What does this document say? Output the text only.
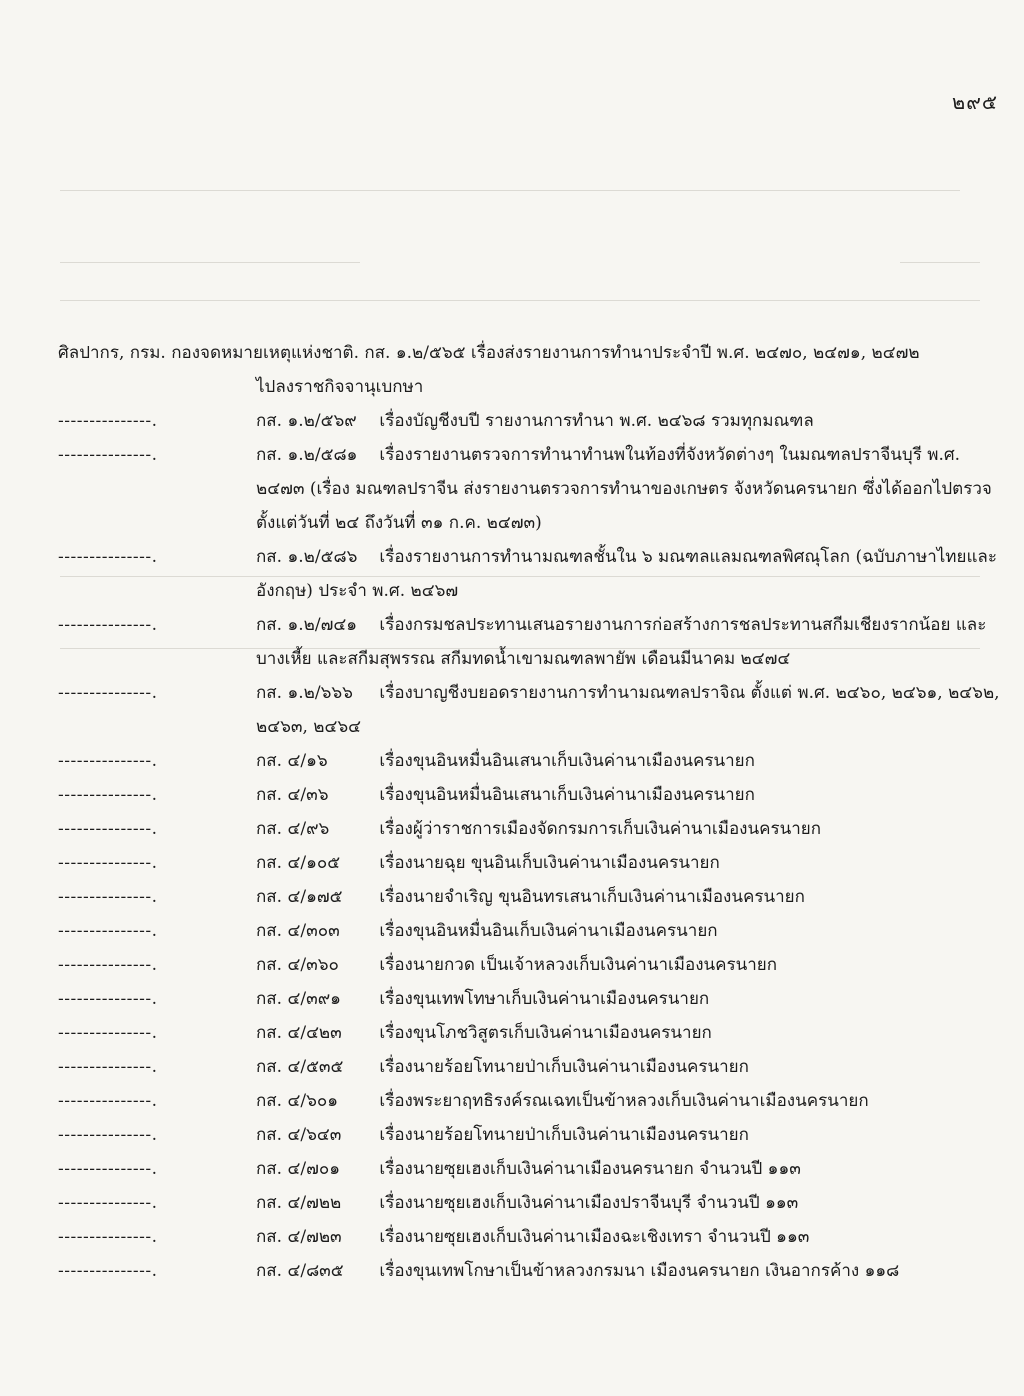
๒๙๕
ศิลปากร, กรม. กองจดหมายเหตุแห่งชาติ. กส. ๑.๒/๕๖๕ เรื่องส่งรายงานการทำนาประจำปี พ.ศ. ๒๔๗๐, ๒๔๗๑, ๒๔๗๒
ไปลงราชกิจจานุเบกษา
---------------.	กส. ๑.๒/๕๖๙ เรื่องบัญชีงบปี รายงานการทำนา พ.ศ. ๒๔๖๘ รวมทุกมณฑล
---------------.	กส. ๑.๒/๕๘๑ เรื่องรายงานตรวจการทำนาทำนพในท้องที่จังหวัดต่างๆ ในมณฑลปราจีนบุรี พ.ศ. ๒๔๗๓ (เรื่อง มณฑลปราจีน ส่งรายงานตรวจการทำนาของเกษตร จังหวัดนครนายก ซึ่งได้ออกไปตรวจ ตั้งแต่วันที่ ๒๔ ถึงวันที่ ๓๑ ก.ค. ๒๔๗๓)
---------------.	กส. ๑.๒/๕๘๖ เรื่องรายงานการทำนามณฑลชั้นใน ๖ มณฑลแลมณฑลพิศณุโลก (ฉบับภาษาไทยและอังกฤษ) ประจำ พ.ศ. ๒๔๖๗
---------------.	กส. ๑.๒/๗๔๑ เรื่องกรมชลประทานเสนอรายงานการก่อสร้างการชลประทานสกีมเชียงรากน้อย และบางเหี้ย และสกีมสุพรรณ สกีมทดน้ำเขามณฑลพายัพ เดือนมีนาคม ๒๔๗๔
---------------.	กส. ๑.๒/๖๖๖ เรื่องบาญชีงบยอดรายงานการทำนามณฑลปราจิณ ตั้งแต่ พ.ศ. ๒๔๖๐, ๒๔๖๑, ๒๔๖๒, ๒๔๖๓, ๒๔๖๔
---------------.	กส. ๔/๑๖	เรื่องขุนอินหมื่นอินเสนาเก็บเงินค่านาเมืองนครนายก
---------------.	กส. ๔/๓๖	เรื่องขุนอินหมื่นอินเสนาเก็บเงินค่านาเมืองนครนายก
---------------.	กส. ๔/๙๖	เรื่องผู้ว่าราชการเมืองจัดกรมการเก็บเงินค่านาเมืองนครนายก
---------------.	กส. ๔/๑๐๕ เรื่องนายฉุย ขุนอินเก็บเงินค่านาเมืองนครนายก
---------------.	กส. ๔/๑๗๕ เรื่องนายจำเริญ ขุนอินทรเสนาเก็บเงินค่านาเมืองนครนายก
---------------.	กส. ๔/๓๐๓ เรื่องขุนอินหมื่นอินเก็บเงินค่านาเมืองนครนายก
---------------.	กส. ๔/๓๖๐ เรื่องนายกวด เป็นเจ้าหลวงเก็บเงินค่านาเมืองนครนายก
---------------.	กส. ๔/๓๙๑ เรื่องขุนเทพโทษาเก็บเงินค่านาเมืองนครนายก
---------------.	กส. ๔/๔๒๓ เรื่องขุนโภชวิสูตรเก็บเงินค่านาเมืองนครนายก
---------------.	กส. ๔/๕๓๕ เรื่องนายร้อยโทนายป่าเก็บเงินค่านาเมืองนครนายก
---------------.	กส. ๔/๖๐๑ เรื่องพระยาฤทธิรงค์รณเฉทเป็นข้าหลวงเก็บเงินค่านาเมืองนครนายก
---------------.	กส. ๔/๖๔๓ เรื่องนายร้อยโทนายป่าเก็บเงินค่านาเมืองนครนายก
---------------.	กส. ๔/๗๐๑ เรื่องนายซุยเฮงเก็บเงินค่านาเมืองนครนายก จำนวนปี ๑๑๓
---------------.	กส. ๔/๗๒๒ เรื่องนายซุยเฮงเก็บเงินค่านาเมืองปราจีนบุรี จำนวนปี ๑๑๓
---------------.	กส. ๔/๗๒๓ เรื่องนายซุยเฮงเก็บเงินค่านาเมืองฉะเชิงเทรา จำนวนปี ๑๑๓
---------------.	กส. ๔/๘๓๕ เรื่องขุนเทพโกษาเป็นข้าหลวงกรมนา เมืองนครนายก เงินอากรค้าง ๑๑๘
